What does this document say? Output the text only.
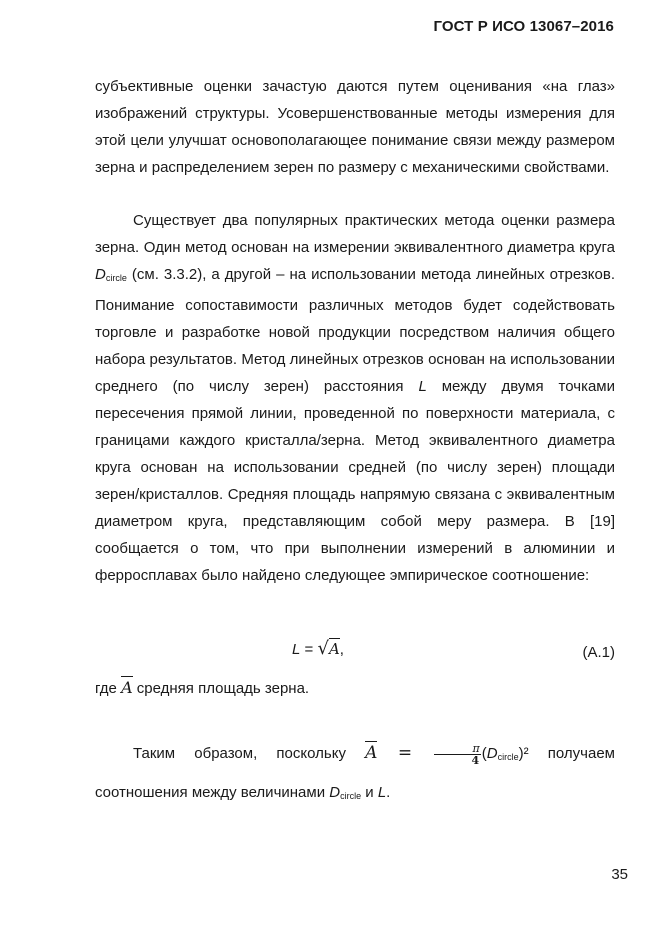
ГОСТ Р ИСО 13067–2016

субъективные оценки зачастую даются путем оценивания «на глаз» изображений структуры. Усовершенствованные методы измерения для этой цели улучшат основополагающее понимание связи между размером зерна и распределением зерен по размеру с механическими свойствами.

Существует два популярных практических метода оценки размера зерна. Один метод основан на измерении эквивалентного диаметра круга $D_{circle}$ (см. 3.3.2), а другой – на использовании метода линейных отрезков. Понимание сопоставимости различных методов будет содействовать торговле и разработке новой продукции посредством наличия общего набора результатов. Метод линейных отрезков основан на использовании среднего (по числу зерен) расстояния L между двумя точками пересечения прямой линии, проведенной по поверхности материала, с границами каждого кристалла/зерна. Метод эквивалентного диаметра круга основан на использовании средней (по числу зерен) площади зерен/кристаллов. Средняя площадь напрямую связана с эквивалентным диаметром круга, представляющим собой меру размера. В [19] сообщается о том, что при выполнении измерений в алюминии и ферросплавах было найдено следующее эмпирическое соотношение:

L = √A,	(А.1)
где A средняя площадь зерна.

Таким образом, поскольку $A = \frac{\pi}{4} (D_{circle})^2$ получаем соотношения между величинами $D_{circle}$ и L.

35
